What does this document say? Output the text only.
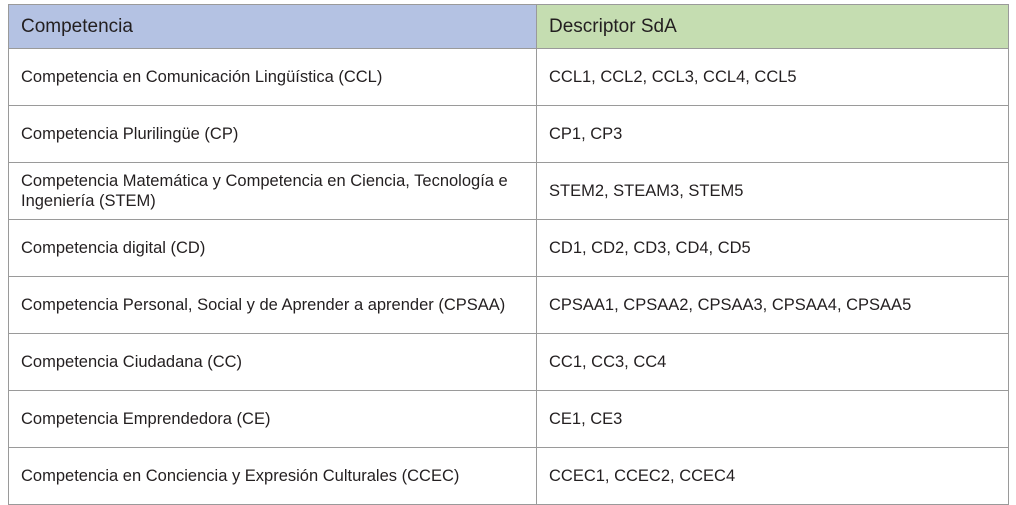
Competencia	Descriptor SdA
Competencia en Comunicación Lingüística (CCL)	CCL1, CCL2, CCL3, CCL4, CCL5
Competencia Plurilingüe (CP)	CP1, CP3
Competencia Matemática y Competencia en Ciencia, Tecnología e Ingeniería (STEM)	STEM2, STEAM3, STEM5
Competencia digital (CD)	CD1, CD2, CD3, CD4, CD5
Competencia Personal, Social y de Aprender a aprender (CPSAA)	CPSAA1, CPSAA2, CPSAA3, CPSAA4, CPSAA5
Competencia Ciudadana (CC)	CC1, CC3, CC4
Competencia Emprendedora (CE)	CE1, CE3
Competencia en Conciencia y Expresión Culturales (CCEC)	CCEC1, CCEC2, CCEC4
